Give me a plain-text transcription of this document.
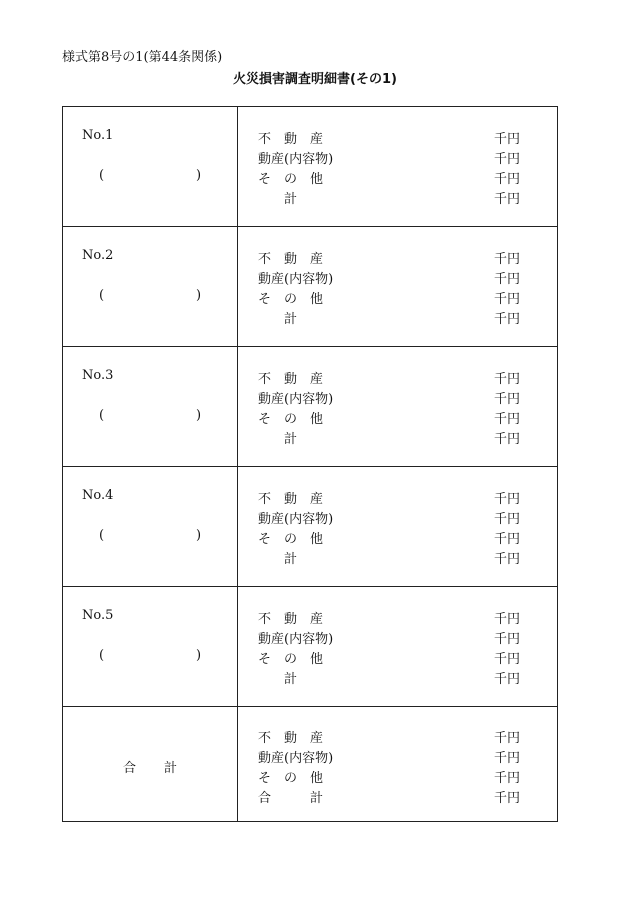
様式第8号の1(第44条関係)
火災損害調査明細書(その1)
No.1
(	)
不　動　産	千円
動産(内容物)	千円
そ　の　他	千円
　　計	千円
No.2
(	)
不　動　産	千円
動産(内容物)	千円
そ　の　他	千円
　　計	千円
No.3
(	)
不　動　産	千円
動産(内容物)	千円
そ　の　他	千円
　　計	千円
No.4
(	)
不　動　産	千円
動産(内容物)	千円
そ　の　他	千円
　　計	千円
No.5
(	)
不　動　産	千円
動産(内容物)	千円
そ　の　他	千円
　　計	千円
合 計
不　動　産	千円
動産(内容物)	千円
そ　の　他	千円
合　　　計	千円
